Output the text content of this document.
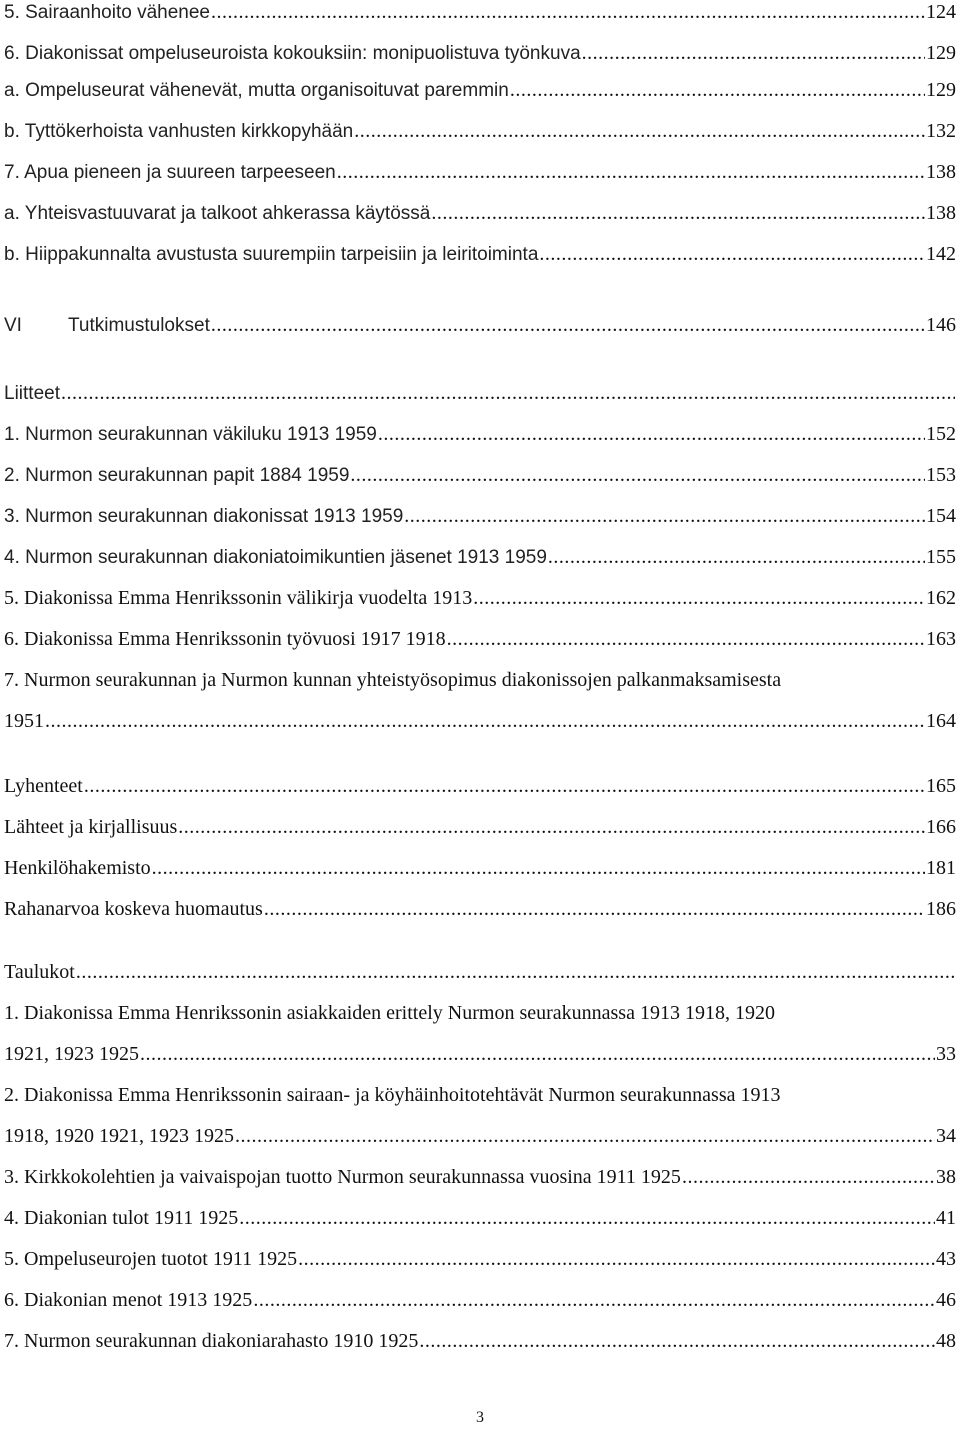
5. Sairaanhoito vähenee .....	124
6. Diakonissat ompeluseuroista kokouksiin: monipuolistuva työnkuva .....	129
a. Ompeluseurat vähenevät, mutta organisoituvat paremmin .....	129
b. Tyttökerhoista vanhusten kirkkopyhään .....	132
7. Apua pieneen ja suureen tarpeeseen .....	138
a. Yhteisvastuuvarat ja talkoot ahkerassa käytössä .....	138
b. Hiippakunnalta avustusta suurempiin tarpeisiin ja leiritoiminta .....	142
VI Tutkimustulokset .....	146
Liitteet
.....
1. Nurmon seurakunnan väkiluku 1913 1959 .....	152
2. Nurmon seurakunnan papit 1884 1959 .....	153
3. Nurmon seurakunnan diakonissat 1913 1959 .....	154
4. Nurmon seurakunnan diakoniatoimikuntien jäsenet 1913 1959 .....	155
5. Diakonissa Emma Henrikssonin välikirja vuodelta 1913 .....	162
6. Diakonissa Emma Henrikssonin työvuosi 1917 1918 .....	163
7. Nurmon seurakunnan ja Nurmon kunnan yhteistyösopimus diakonissojen palkanmaksamisesta
1951 .....	164
Lyhenteet .....	165
Lähteet ja kirjallisuus .....	166
Henkilöhakemisto .....	181
Rahanarvoa koskeva huomautus .....	186
Taulukot
.....
1. Diakonissa Emma Henrikssonin asiakkaiden erittely Nurmon seurakunnassa 1913 1918, 1920
1921, 1923 1925 .....	33
2. Diakonissa Emma Henrikssonin sairaan- ja köyhäinhoitotehtävät Nurmon seurakunnassa 1913
1918, 1920 1921, 1923 1925 .....	34
3. Kirkkokolehtien ja vaivaispojan tuotto Nurmon seurakunnassa vuosina 1911 1925 .....	38
4. Diakonian tulot 1911 1925 .....	41
5. Ompeluseurojen tuotot 1911 1925 .....	43
6. Diakonian menot 1913 1925 .....	46
7. Nurmon seurakunnan diakoniarahasto 1910 1925 .....	48
3
